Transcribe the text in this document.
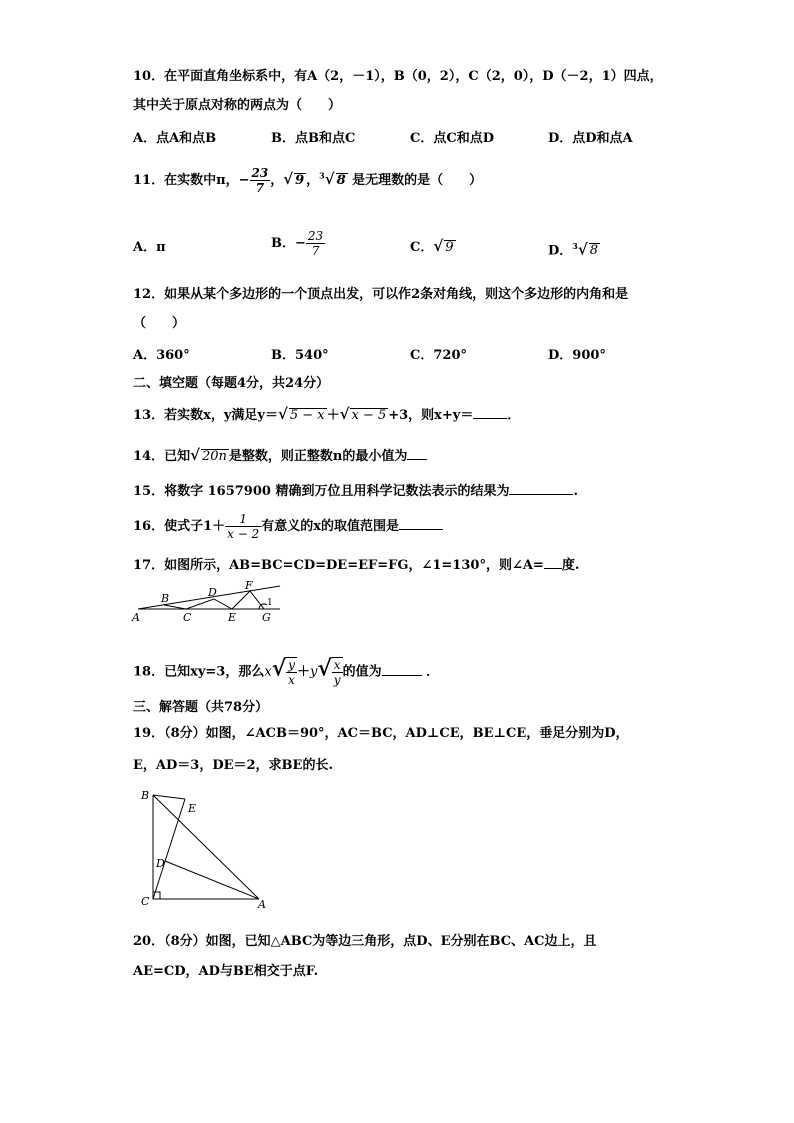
10．在平面直角坐标系中，有A（2，－1），B（0，2），C（2，0），D（－2，1）四点，
其中关于原点对称的两点为（　　）
A．点A和点B	B．点B和点C	C．点C和点D	D．点D和点A
11．在实数中π，− $\frac{23}{7}$ ，√ 9 ，$^3$√ 8 是无理数的是（　　）
A．π	B．− $\frac{23}{7}$	C．√ 9	D．$^3$√ 8
12．如果从某个多边形的一个顶点出发，可以作2条对角线，则这个多边形的内角和是
（　　）
A．360°	B．540°	C．720°	D．900°
二、填空题（每题4分，共24分）
13．若实数x，y满足y＝√ 5 − x ＋√ x − 5 +3，则x+y＝	．
14．已知√ 20n 是整数，则正整数n的最小值为
15．将数字 1657900 精确到万位且用科学记数法表示的结果为	.
16．使式子$1+ \frac{1}{x - 2}$ 有意义的x的取值范围是
17．如图所示，AB=BC=CD=DE=EF=FG，∠1=130°，则∠A= 度.
A
B
C
D
E
F
G
1
18．已知xy=3，那么$x√ \frac{y}{x} +y√ \frac{x}{y}$ 的值为	．
三、解答题（共78分）
19．（8分）如图，∠ACB＝90°，AC＝BC，AD⊥CE，BE⊥CE，垂足分别为D，
E，AD＝3，DE＝2，求BE的长.
B
E
D
C	A
20．（8分）如图，已知△ABC为等边三角形，点D、E分别在BC、AC边上，且
AE=CD，AD与BE相交于点F.
